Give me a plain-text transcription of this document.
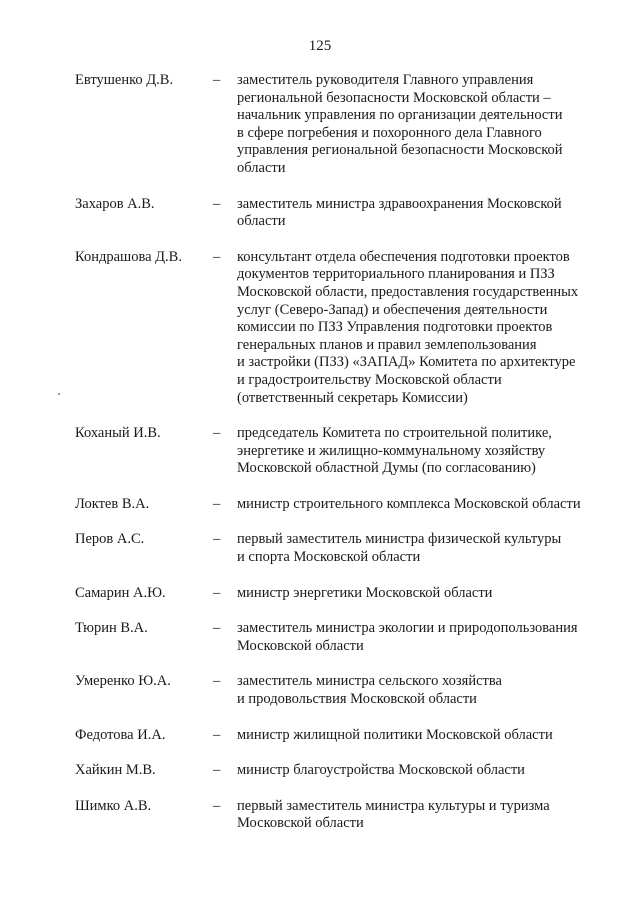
125
Евтушенко Д.В.	– заместитель руководителя Главного управления
региональной безопасности Московской области –
начальник управления по организации деятельности
в сфере погребения и похоронного дела Главного
управления региональной безопасности Московской
области
Захаров А.В.	– заместитель министра здравоохранения Московской
области
Кондрашова Д.В. – консультант отдела обеспечения подготовки проектов
документов территориального планирования и ПЗЗ
Московской области, предоставления государственных
услуг (Северо-Запад) и обеспечения деятельности
комиссии по ПЗЗ Управления подготовки проектов
генеральных планов и правил землепользования
и застройки (ПЗЗ) «ЗАПАД» Комитета по архитектуре
и градостроительству Московской области
(ответственный секретарь Комиссии)
Коханый И.В.	– председатель Комитета по строительной политике,
энергетике и жилищно-коммунальному хозяйству
Московской областной Думы (по согласованию)
Локтев В.А.	– министр строительного комплекса Московской области
Перов А.С.	– первый заместитель министра физической культуры
и спорта Московской области
Самарин А.Ю.	– министр энергетики Московской области
Тюрин В.А.	– заместитель министра экологии и природопользования
Московской области
Умеренко Ю.А.	– заместитель министра сельского хозяйства
и продовольствия Московской области
Федотова И.А.	– министр жилищной политики Московской области
Хайкин М.В.	– министр благоустройства Московской области
Шимко А.В.	– первый заместитель министра культуры и туризма
Московской области
